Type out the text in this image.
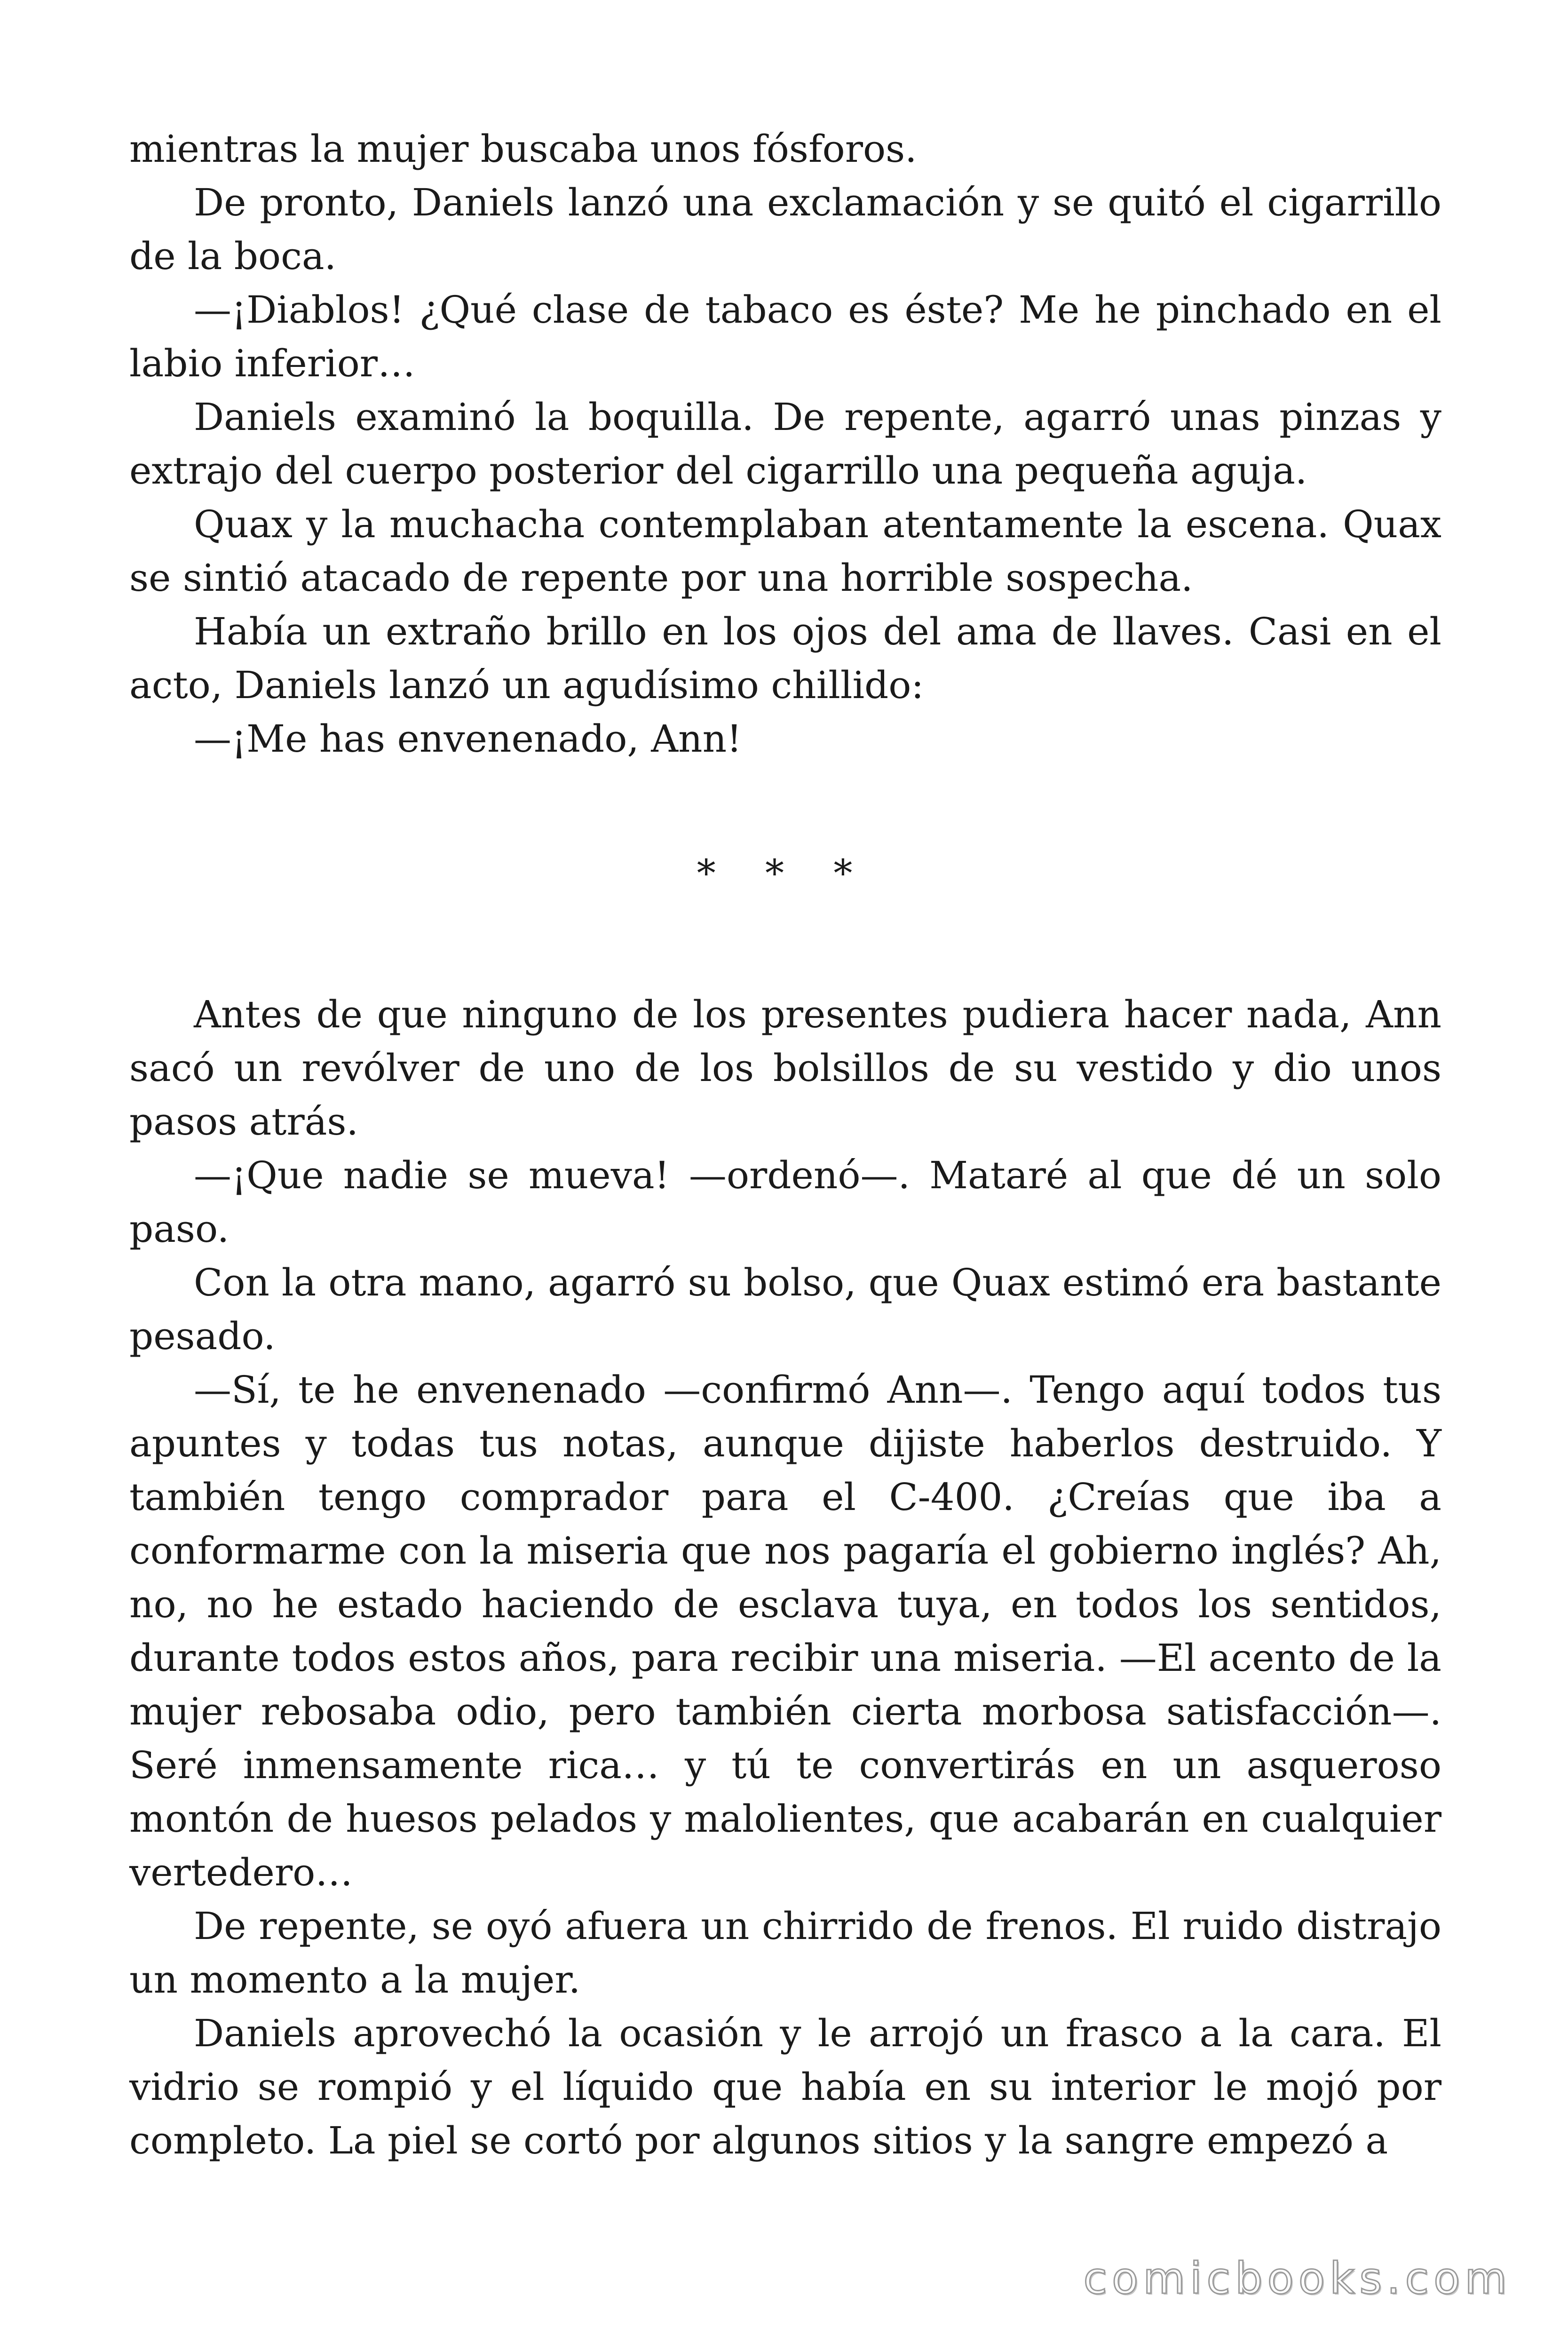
mientras la mujer buscaba unos fósforos.

De pronto, Daniels lanzó una exclamación y se quitó el cigarrillo de la boca.

—¡Diablos! ¿Qué clase de tabaco es éste? Me he pinchado en el labio inferior…

Daniels examinó la boquilla. De repente, agarró unas pinzas y extrajo del cuerpo posterior del cigarrillo una pequeña aguja.

Quax y la muchacha contemplaban atentamente la escena. Quax se sintió atacado de repente por una horrible sospecha.

Había un extraño brillo en los ojos del ama de llaves. Casi en el acto, Daniels lanzó un agudísimo chillido:

—¡Me has envenenado, Ann!

* * *

Antes de que ninguno de los presentes pudiera hacer nada, Ann sacó un revólver de uno de los bolsillos de su vestido y dio unos pasos atrás.

—¡Que nadie se mueva! —ordenó—. Mataré al que dé un solo paso.

Con la otra mano, agarró su bolso, que Quax estimó era bastante pesado.

—Sí, te he envenenado —confirmó Ann—. Tengo aquí todos tus apuntes y todas tus notas, aunque dijiste haberlos destruido. Y también tengo comprador para el C-400. ¿Creías que iba a conformarme con la miseria que nos pagaría el gobierno inglés? Ah, no, no he estado haciendo de esclava tuya, en todos los sentidos, durante todos estos años, para recibir una miseria. —El acento de la mujer rebosaba odio, pero también cierta morbosa satisfacción—. Seré inmensamente rica… y tú te convertirás en un asqueroso montón de huesos pelados y malolientes, que acabarán en cualquier vertedero…

De repente, se oyó afuera un chirrido de frenos. El ruido distrajo un momento a la mujer.

Daniels aprovechó la ocasión y le arrojó un frasco a la cara. El vidrio se rompió y el líquido que había en su interior le mojó por completo. La piel se cortó por algunos sitios y la sangre empezó a

comicbooks.com
